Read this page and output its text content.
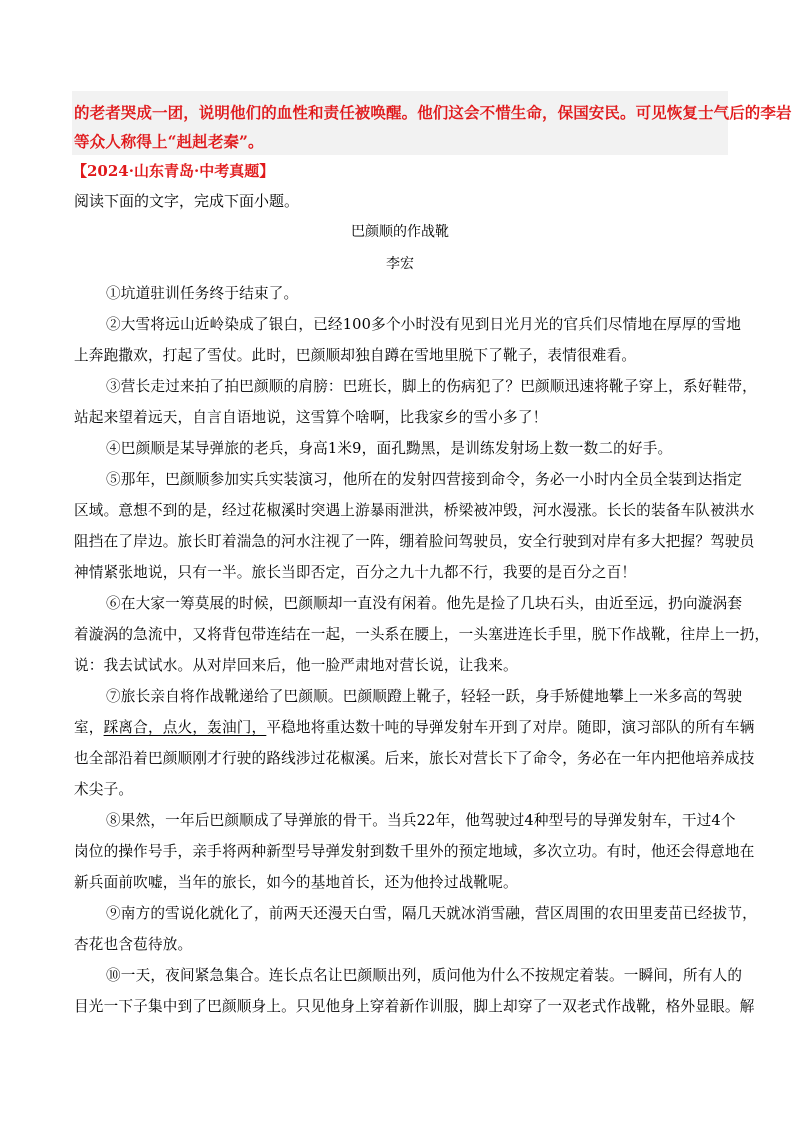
的老者哭成一团，说明他们的血性和责任被唤醒。他们这会不惜生命，保国安民。可见恢复士气后的李岩
等众人称得上“赳赳老秦”。
【2024·山东青岛·中考真题】
阅读下面的文字，完成下面小题。
巴颜顺的作战靴
李宏
①坑道驻训任务终于结束了。
②大雪将远山近岭染成了银白，已经100多个小时没有见到日光月光的官兵们尽情地在厚厚的雪地
上奔跑撒欢，打起了雪仗。此时，巴颜顺却独自蹲在雪地里脱下了靴子，表情很难看。
③营长走过来拍了拍巴颜顺的肩膀：巴班长，脚上的伤病犯了？巴颜顺迅速将靴子穿上，系好鞋带，
站起来望着远天，自言自语地说，这雪算个啥啊，比我家乡的雪小多了！
④巴颜顺是某导弹旅的老兵，身高1米9，面孔黝黑，是训练发射场上数一数二的好手。
⑤那年，巴颜顺参加实兵实装演习，他所在的发射四营接到命令，务必一小时内全员全装到达指定
区域。意想不到的是，经过花椒溪时突遇上游暴雨泄洪，桥梁被冲毁，河水漫涨。长长的装备车队被洪水
阻挡在了岸边。旅长盯着湍急的河水注视了一阵，绷着脸问驾驶员，安全行驶到对岸有多大把握？驾驶员
神情紧张地说，只有一半。旅长当即否定，百分之九十九都不行，我要的是百分之百！
⑥在大家一筹莫展的时候，巴颜顺却一直没有闲着。他先是捡了几块石头，由近至远，扔向漩涡套
着漩涡的急流中，又将背包带连结在一起，一头系在腰上，一头塞进连长手里，脱下作战靴，往岸上一扔，
说：我去试试水。从对岸回来后，他一脸严肃地对营长说，让我来。
⑦旅长亲自将作战靴递给了巴颜顺。巴颜顺蹬上靴子，轻轻一跃，身手矫健地攀上一米多高的驾驶
室，踩离合，点火，轰油门，平稳地将重达数十吨的导弹发射车开到了对岸。随即，演习部队的所有车辆
也全部沿着巴颜顺刚才行驶的路线涉过花椒溪。后来，旅长对营长下了命令，务必在一年内把他培养成技
术尖子。
⑧果然，一年后巴颜顺成了导弹旅的骨干。当兵22年，他驾驶过4种型号的导弹发射车，干过4个
岗位的操作号手，亲手将两种新型号导弹发射到数千里外的预定地域，多次立功。有时，他还会得意地在
新兵面前吹嘘，当年的旅长，如今的基地首长，还为他拎过战靴呢。
⑨南方的雪说化就化了，前两天还漫天白雪，隔几天就冰消雪融，营区周围的农田里麦苗已经拔节，
杏花也含苞待放。
⑩一天，夜间紧急集合。连长点名让巴颜顺出列，质问他为什么不按规定着装。一瞬间，所有人的
目光一下子集中到了巴颜顺身上。只见他身上穿着新作训服，脚上却穿了一双老式作战靴，格外显眼。解
